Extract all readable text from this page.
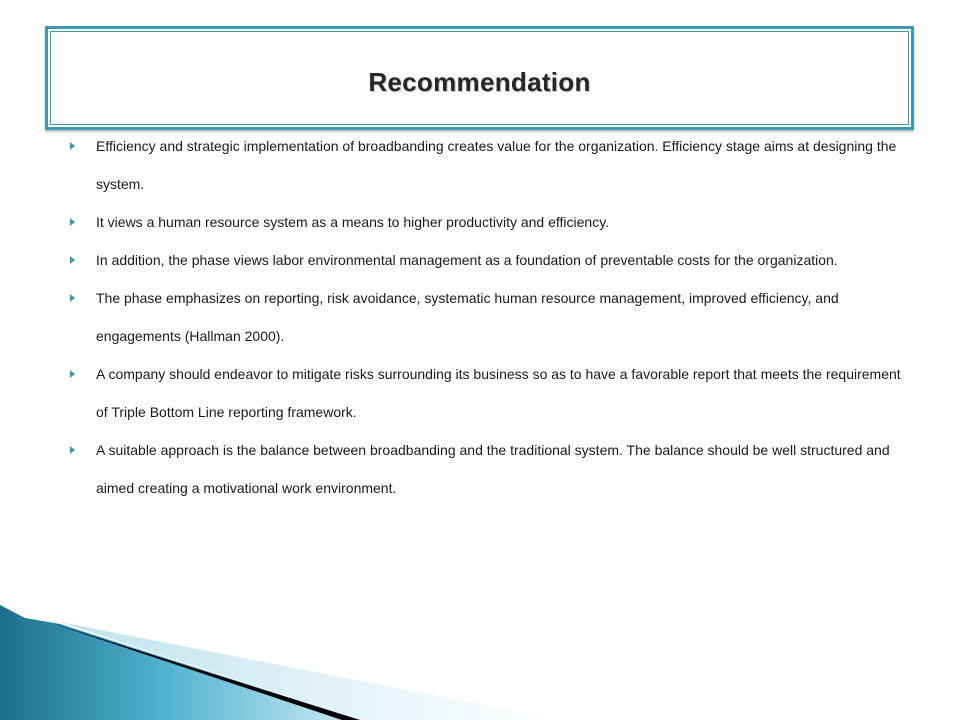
Recommendation
Efficiency and strategic implementation of broadbanding creates value for the organization. Efficiency stage aims at designing the system.
It views a human resource system as a means to higher productivity and efficiency.
In addition, the phase views labor environmental management as a foundation of preventable costs for the organization.
The phase emphasizes on reporting, risk avoidance, systematic human resource management, improved efficiency, and engagements (Hallman 2000).
A company should endeavor to mitigate risks surrounding its business so as to have a favorable report that meets the requirement of Triple Bottom Line reporting framework.
A suitable approach is the balance between broadbanding and the traditional system. The balance should be well structured and aimed creating a motivational work environment.
